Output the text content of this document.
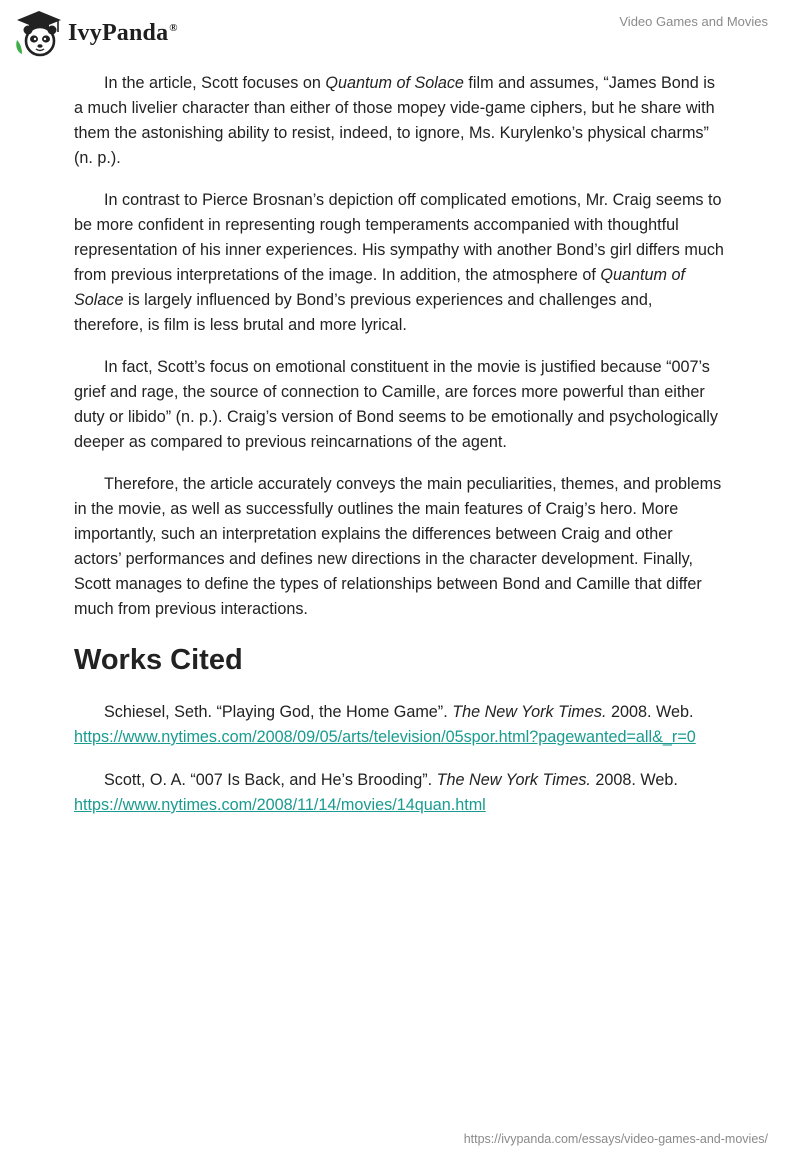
IvyPanda®	Video Games and Movies

In the article, Scott focuses on Quantum of Solace film and assumes, “James Bond is a much livelier character than either of those mopey vide-game ciphers, but he share with them the astonishing ability to resist, indeed, to ignore, Ms. Kurylenko’s physical charms” (n. p.).

In contrast to Pierce Brosnan’s depiction off complicated emotions, Mr. Craig seems to be more confident in representing rough temperaments accompanied with thoughtful representation of his inner experiences. His sympathy with another Bond’s girl differs much from previous interpretations of the image. In addition, the atmosphere of Quantum of Solace is largely influenced by Bond’s previous experiences and challenges and, therefore, is film is less brutal and more lyrical.

In fact, Scott’s focus on emotional constituent in the movie is justified because “007’s grief and rage, the source of connection to Camille, are forces more powerful than either duty or libido” (n. p.). Craig’s version of Bond seems to be emotionally and psychologically deeper as compared to previous reincarnations of the agent.

Therefore, the article accurately conveys the main peculiarities, themes, and problems in the movie, as well as successfully outlines the main features of Craig’s hero. More importantly, such an interpretation explains the differences between Craig and other actors’ performances and defines new directions in the character development. Finally, Scott manages to define the types of relationships between Bond and Camille that differ much from previous interactions.

Works Cited

Schiesel, Seth. “Playing God, the Home Game”. The New York Times. 2008. Web.
https://www.nytimes.com/2008/09/05/arts/television/05spor.html?pagewanted=all&_r=0

Scott, O. A. “007 Is Back, and He’s Brooding”. The New York Times. 2008. Web.
https://www.nytimes.com/2008/11/14/movies/14quan.html

https://ivypanda.com/essays/video-games-and-movies/
